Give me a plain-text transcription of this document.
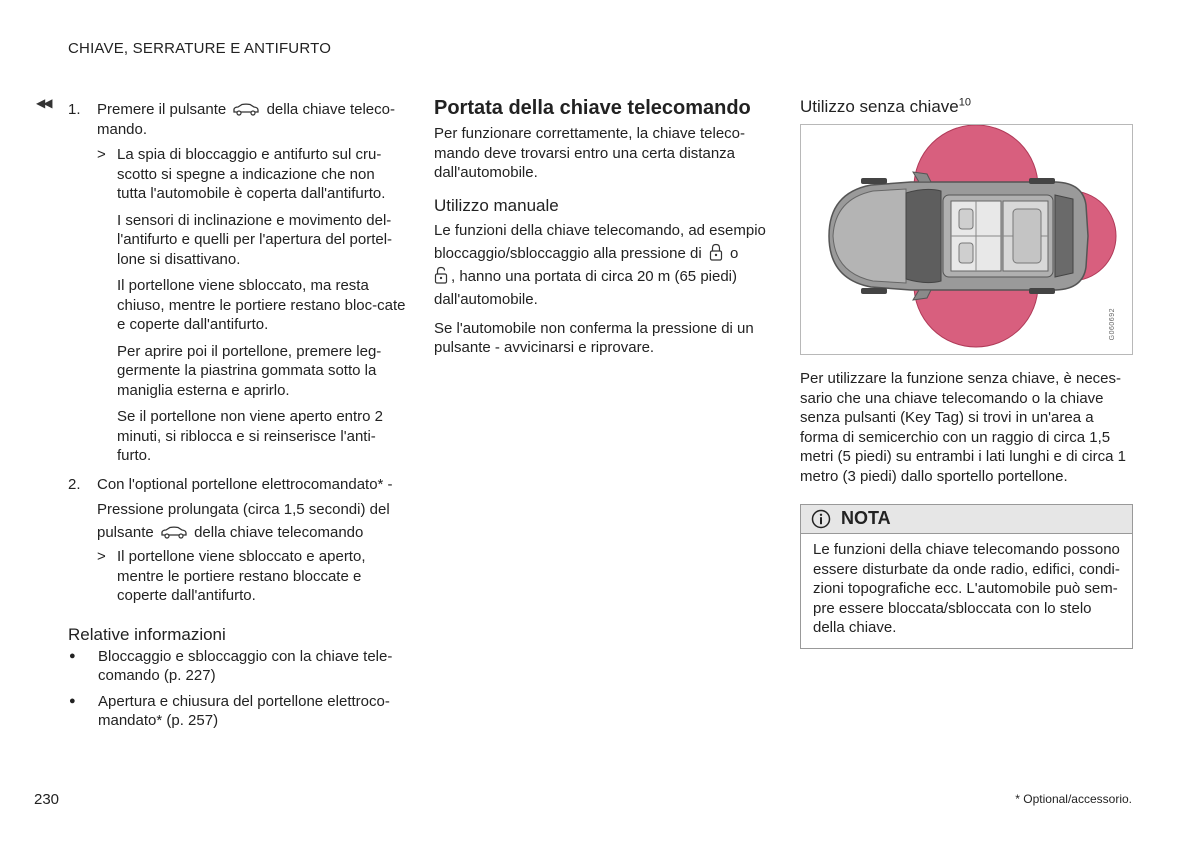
CHIAVE, SERRATURE E ANTIFURTO
◀◀ 1.	Premere il pulsante	della chiave teleco-mando.

> La spia di bloccaggio e antifurto sul cru-scotto si spegne a indicazione che non tutta l'automobile è coperta dall'antifurto.

I sensori di inclinazione e movimento del-l'antifurto e quelli per l'apertura del portel-lone si disattivano.

Il portellone viene sbloccato, ma resta chiuso, mentre le portiere restano bloc-cate e coperte dall'antifurto.

Per aprire poi il portellone, premere leg-germente la piastrina gommata sotto la maniglia esterna e aprirlo.

Se il portellone non viene aperto entro 2 minuti, si riblocca e si reinserisce l'anti-furto.

2.	Con l'optional portellone elettrocomandato* -

Pressione prolungata (circa 1,5 secondi) del pulsante	della chiave telecomando

> Il portellone viene sbloccato e aperto, mentre le portiere restano bloccate e coperte dall'antifurto.
Relative informazioni
●	Bloccaggio e sbloccaggio con la chiave tele-comando (p. 227)
●	Apertura e chiusura del portellone elettroco-mandato* (p. 257)
Portata della chiave telecomando

Per funzionare correttamente, la chiave teleco-mando deve trovarsi entro una certa distanza dall'automobile.

Utilizzo manuale

Le funzioni della chiave telecomando, ad esempio bloccaggio/sbloccaggio alla pressione di o
, hanno una portata di circa 20 m (65 piedi) dall'automobile.

Se l'automobile non conferma la pressione di un pulsante - avvicinarsi e riprovare.

Utilizzo senza chiave$^{10}$
G060692

Per utilizzare la funzione senza chiave, è neces-sario che una chiave telecomando o la chiave senza pulsanti (Key Tag) si trovi in un'area a forma di semicerchio con un raggio di circa 1,5 metri (5 piedi) su entrambi i lati lunghi e di circa 1 metro (3 piedi) dallo sportello portellone.

NOTA
Le funzioni della chiave telecomando possono essere disturbate da onde radio, edifici, condi-zioni topografiche ecc. L'automobile può sem-pre essere bloccata/sbloccata con lo stelo della chiave.
230	* Optional/accessorio.
